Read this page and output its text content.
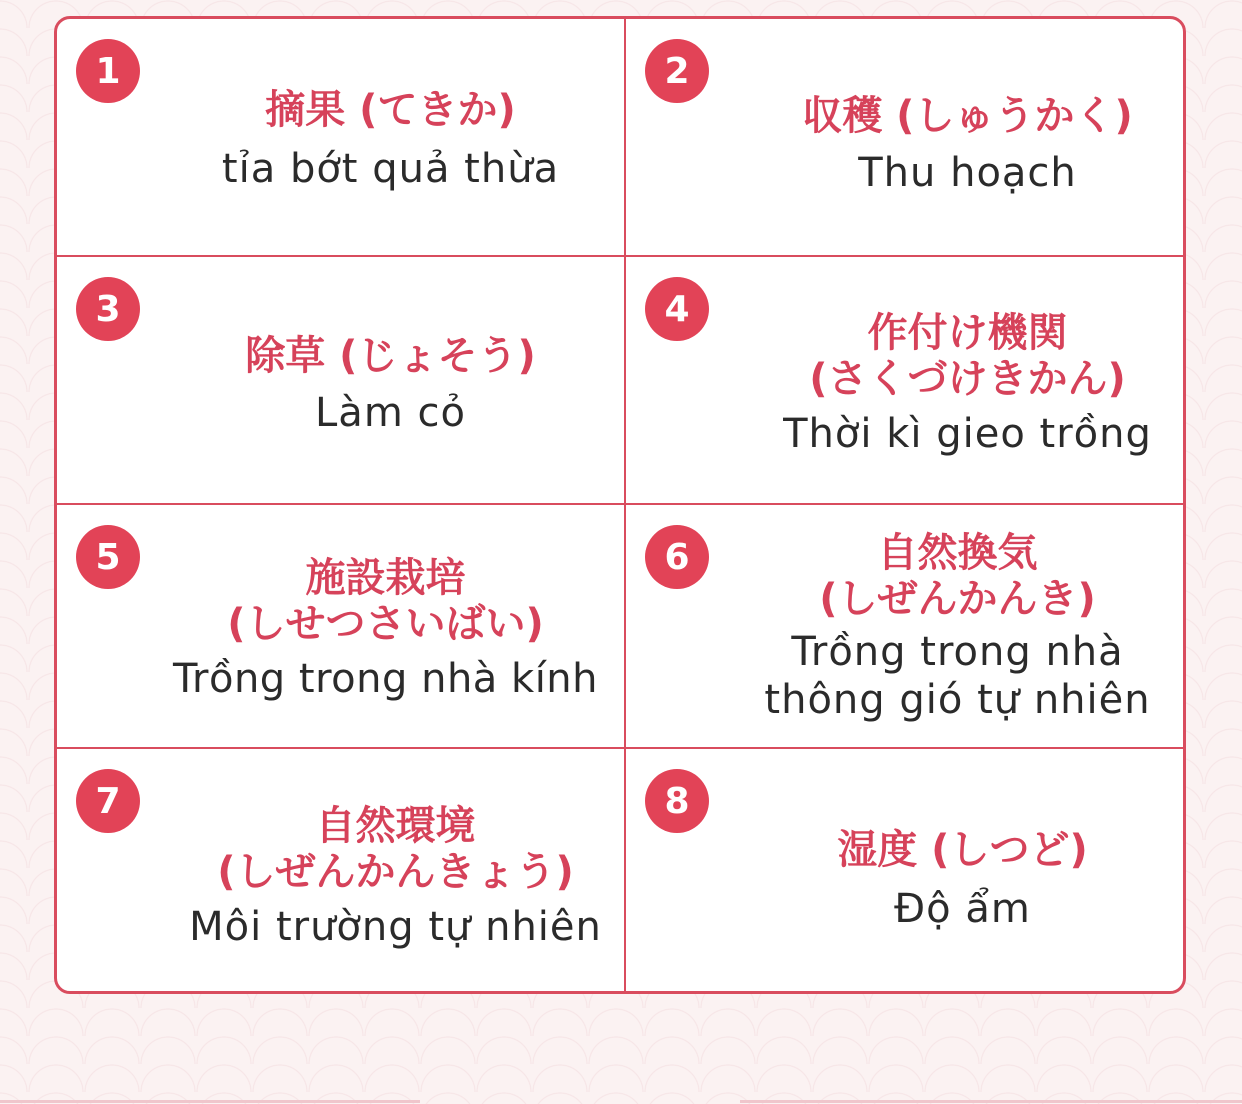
1
摘果 (てきか)
tỉa bớt quả thừa
2
収穫 (しゅうかく)
Thu hoạch
3
除草 (じょそう)
Làm cỏ
4
作付け機関
(さくづけきかん)
Thời kì gieo trồng
5	施設栽培
(しせつさいばい)
Trồng trong nhà kính
6	自然換気
(しぜんかんき)
Trồng trong nhà
thông gió tự nhiên
7
自然環境
(しぜんかんきょう)
Môi trường tự nhiên
8
湿度 (しつど)
Độ ẩm
